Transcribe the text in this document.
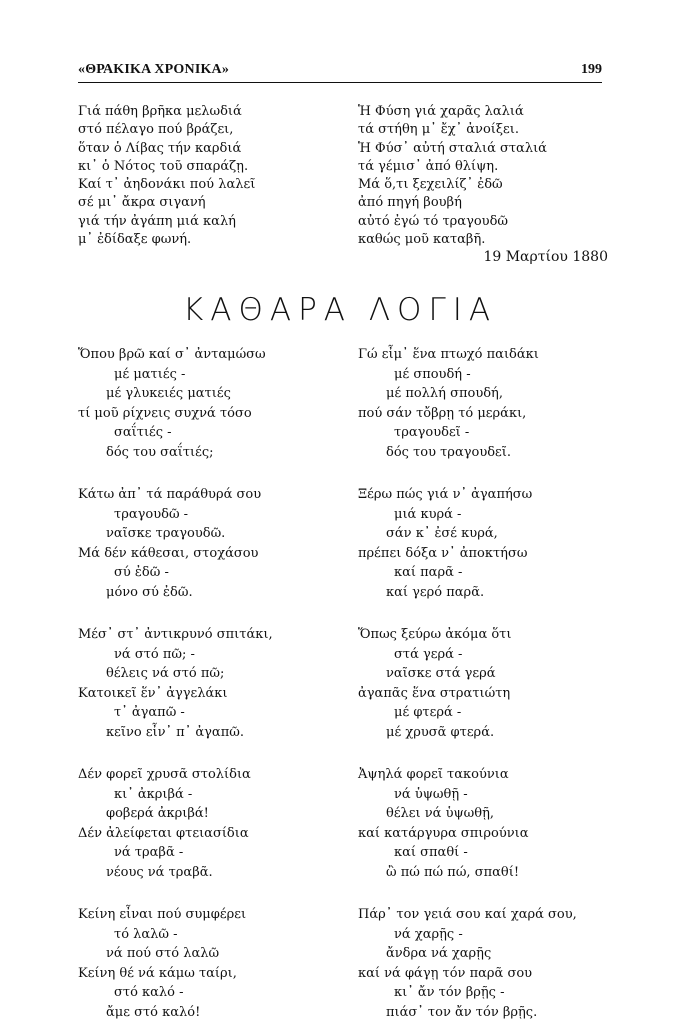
«ΘΡΑΚΙΚΑ ΧΡΟΝΙΚΑ»	199

Γιά πάθη βρῆκα μελωδιά
στό πέλαγο πού βράζει,
ὅταν ὁ Λίβας τήν καρδιά
κι᾽ ὁ Νότος τοῦ σπαράζῃ.
Καί τ᾽ ἀηδονάκι πού λαλεῖ
σέ μι᾽ ἄκρα σιγανή
γιά τήν ἀγάπη μιά καλή
μ᾽ ἐδίδαξε φωνή.

Ἡ Φύση γιά χαρᾶς λαλιά
τά στήθη μ᾽ ἔχ᾽ ἀνοίξει.
Ἡ Φύσ᾽ αὐτή σταλιά σταλιά
τά γέμισ᾽ ἀπό θλίψη.
Μά ὅ,τι ξεχειλίζ᾽ ἐδῶ
ἀπό πηγή βουβή
αὐτό ἐγώ τό τραγουδῶ
καθώς μοῦ καταβῆ.

19 Μαρτίου 1880
ΚΑΘΑΡΑ ΛΟΓΙΑ
Ὅπου βρῶ καί σ᾽ ἀνταμώσω
μέ ματιές -
μέ γλυκειές ματιές
τί μοῦ ρίχνεις συχνά τόσο
σαΐτιές -
δός του σαΐτιές;
Κάτω ἀπ᾽ τά παράθυρά σου
τραγουδῶ -
ναῖσκε τραγουδῶ.
Μά δέν κάθεσαι, στοχάσου
σύ ἐδῶ -
μόνο σύ ἐδῶ.
Μέσ᾽ στ᾽ ἀντικρυνό σπιτάκι,
νά στό πῶ; -
θέλεις νά στό πῶ;
Κατοικεῖ ἕν᾽ ἀγγελάκι
τ᾽ ἀγαπῶ -
κεῖνο εἶν᾽ π᾽ ἀγαπῶ.
Δέν φορεῖ χρυσᾶ στολίδια
κι᾽ ἀκριβά -
φοβερά ἀκριβά!
Δέν ἀλείφεται φτειασίδια
νά τραβᾶ -
νέους νά τραβᾶ.
Κείνη εἶναι πού συμφέρει
τό λαλῶ -
νά πού στό λαλῶ
Κείνη θέ νά κάμω ταίρι,
στό καλό -
ἄμε στό καλό!
Γώ εἶμ᾽ ἕνα πτωχό παιδάκι
μέ σπουδή -
μέ πολλή σπουδή,
πού σάν τὄβρῃ τό μεράκι,
τραγουδεῖ -
δός του τραγουδεῖ.
Ξέρω πώς γιά ν᾽ ἀγαπήσω
μιά κυρά -
σάν κ᾽ ἐσέ κυρά,
πρέπει δόξα ν᾽ ἀποκτήσω
καί παρᾶ -
καί γερό παρᾶ.
Ὅπως ξεύρω ἀκόμα ὅτι
στά γερά -
ναῖσκε στά γερά
ἀγαπᾶς ἕνα στρατιώτη
μέ φτερά -
μέ χρυσᾶ φτερά.
Ἀψηλά φορεῖ τακούνια
νά ὑψωθῇ -
θέλει νά ὑψωθῇ,
καί κατάργυρα σπιρούνια
καί σπαθί -
ὢ πώ πώ πώ, σπαθί!
Πάρ᾽ τον γειά σου καί χαρά σου,
νά χαρῇς -
ἄνδρα νά χαρῇς
καί νά φάγῃ τόν παρᾶ σου
κι᾽ ἄν τόν βρῇς -
πιάσ᾽ τον ἄν τόν βρῇς.
